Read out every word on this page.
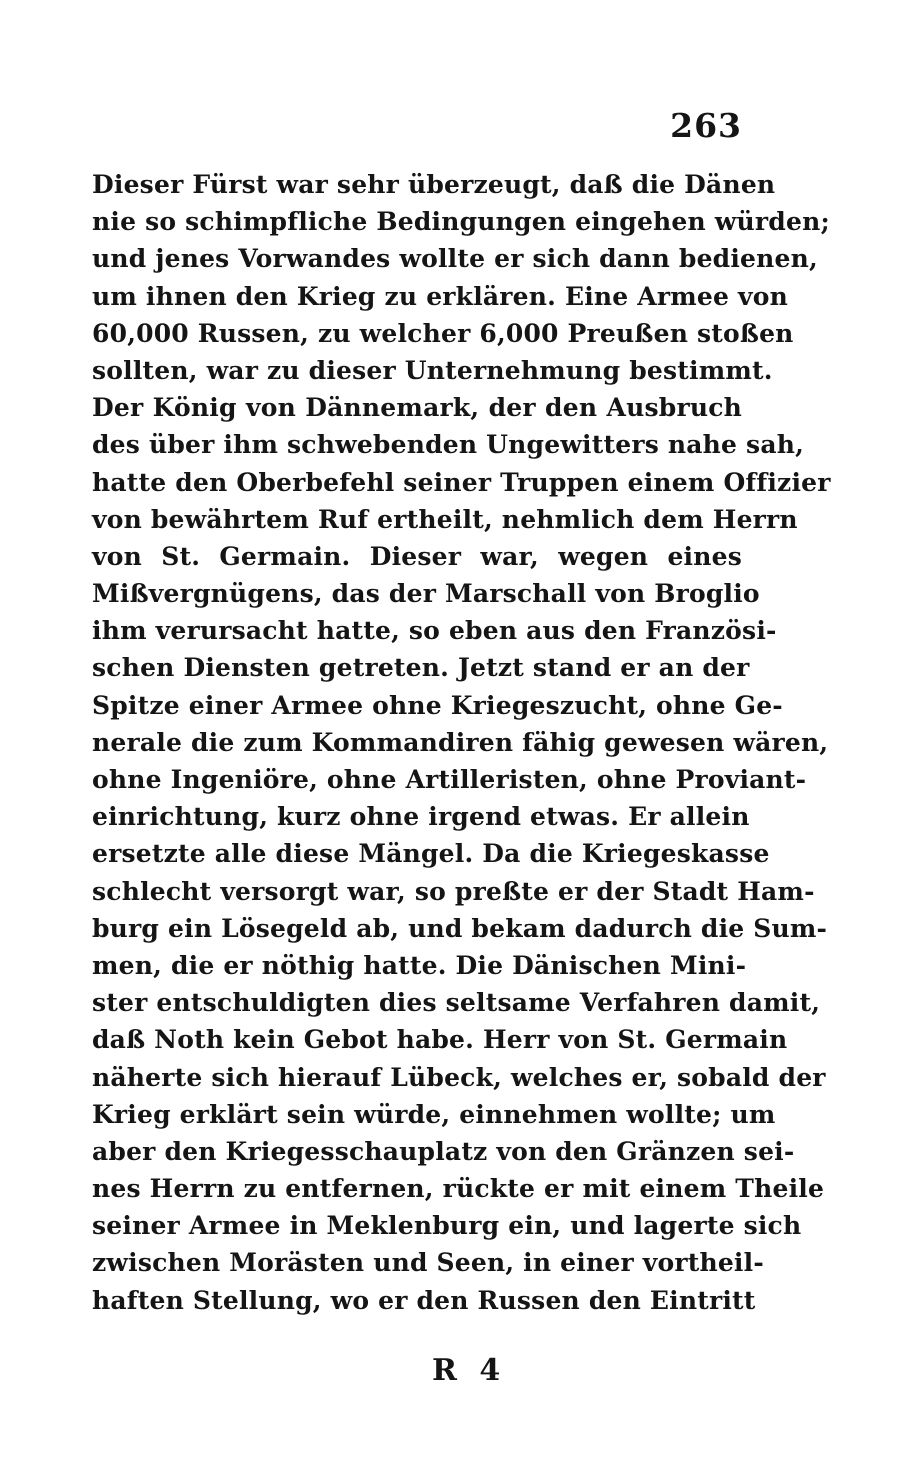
263
Dieser Fürst war sehr überzeugt, daß die Dänen
nie so schimpfliche Bedingungen eingehen würden;
und jenes Vorwandes wollte er sich dann bedienen,
um ihnen den Krieg zu erklären. Eine Armee von
60,000 Russen, zu welcher 6,000 Preußen stoßen
sollten, war zu dieser Unternehmung bestimmt.
Der König von Dännemark, der den Ausbruch
des über ihm schwebenden Ungewitters nahe sah,
hatte den Oberbefehl seiner Truppen einem Offizier
von bewährtem Ruf ertheilt, nehmlich dem Herrn
von St. Germain. Dieser war, wegen eines
Mißvergnügens, das der Marschall von Broglio
ihm verursacht hatte, so eben aus den Französi-
schen Diensten getreten. Jetzt stand er an der
Spitze einer Armee ohne Kriegeszucht, ohne Ge-
nerale die zum Kommandiren fähig gewesen wären,
ohne Ingeniöre, ohne Artilleristen, ohne Proviant-
einrichtung, kurz ohne irgend etwas. Er allein
ersetzte alle diese Mängel. Da die Kriegeskasse
schlecht versorgt war, so preßte er der Stadt Ham-
burg ein Lösegeld ab, und bekam dadurch die Sum-
men, die er nöthig hatte. Die Dänischen Mini-
ster entschuldigten dies seltsame Verfahren damit,
daß Noth kein Gebot habe. Herr von St. Germain
näherte sich hierauf Lübeck, welches er, sobald der
Krieg erklärt sein würde, einnehmen wollte; um
aber den Kriegesschauplatz von den Gränzen sei-
nes Herrn zu entfernen, rückte er mit einem Theile
seiner Armee in Meklenburg ein, und lagerte sich
zwischen Morästen und Seen, in einer vortheil-
haften Stellung, wo er den Russen den Eintritt
R 4
